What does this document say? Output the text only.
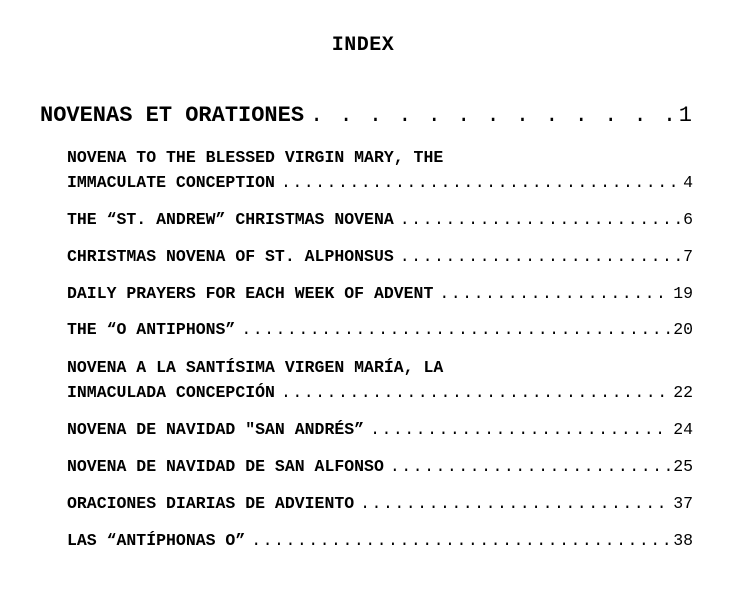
INDEX
NOVENAS ET ORATIONES . . .	1
NOVENA TO THE BLESSED VIRGIN MARY, THE
IMMACULATE CONCEPTION .....	4
THE “ST. ANDREW” CHRISTMAS NOVENA .....	6
CHRISTMAS NOVENA OF ST. ALPHONSUS .....	7
DAILY PRAYERS FOR EACH WEEK OF ADVENT .....	19
THE “O ANTIPHONS” .....	20
NOVENA A LA SANTÍSIMA VIRGEN MARÍA, LA
INMACULADA CONCEPCIÓN .....	22
NOVENA DE NAVIDAD "SAN ANDRÉS” .....	24
NOVENA DE NAVIDAD DE SAN ALFONSO .....	25
ORACIONES DIARIAS DE ADVIENTO .....	37
LAS “ANTÍPHONAS O” .....	38
